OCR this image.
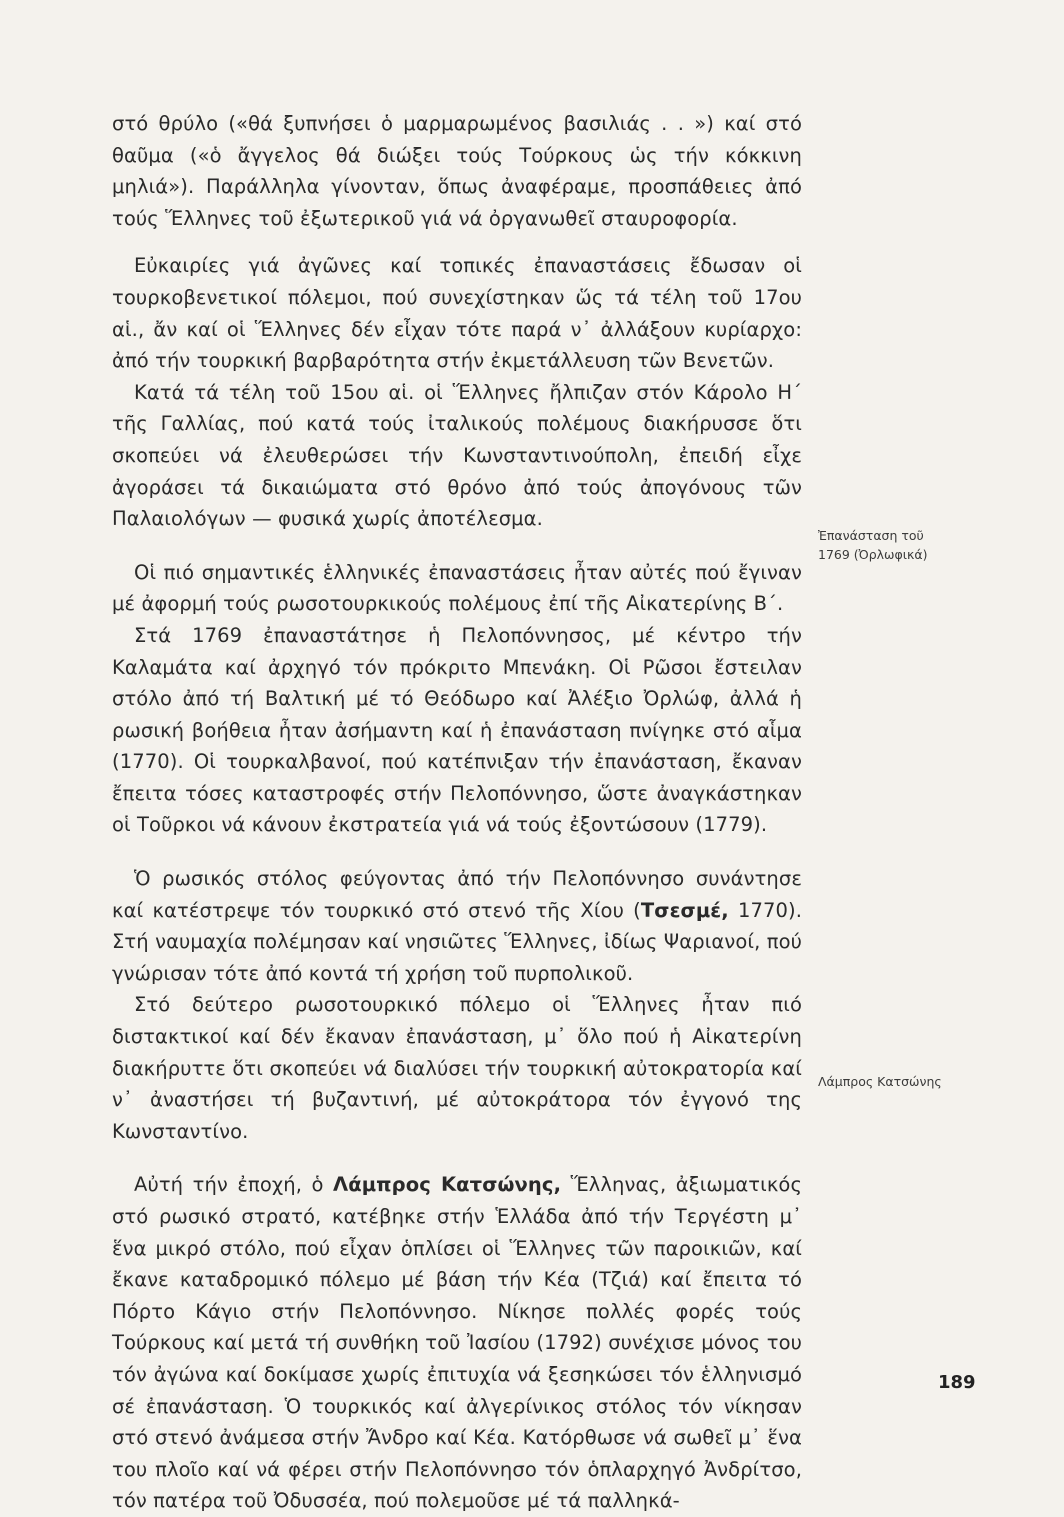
στό θρύλο («θά ξυπνήσει ὁ μαρμαρωμένος βασιλιάς . . ») καί στό θαῦμα («ὁ ἄγγελος θά διώξει τούς Τούρκους ὡς τήν κόκκινη μηλιά»). Παράλληλα γίνονταν, ὅπως ἀναφέραμε, προσπάθειες ἀπό τούς Ἕλληνες τοῦ ἐξωτερικοῦ γιά νά ὀργανωθεῖ σταυροφορία.

Εὐκαιρίες γιά ἀγῶνες καί τοπικές ἐπαναστάσεις ἔδωσαν οἱ τουρκοβενετικοί πόλεμοι, πού συνεχίστηκαν ὥς τά τέλη τοῦ 17ου αἱ., ἄν καί οἱ Ἕλληνες δέν εἶχαν τότε παρά ν᾿ ἀλλάξουν κυρίαρχο: ἀπό τήν τουρκική βαρβαρότητα στήν ἐκμετάλλευση τῶν Βενετῶν.

Κατά τά τέλη τοῦ 15ου αἱ. οἱ Ἕλληνες ἤλπιζαν στόν Κάρολο Η΄ τῆς Γαλλίας, πού κατά τούς ἰταλικούς πολέμους διακήρυσσε ὅτι σκοπεύει νά ἐλευθερώσει τήν Κωνσταντινούπολη, ἐπειδή εἶχε ἀγοράσει τά δικαιώματα στό θρόνο ἀπό τούς ἀπογόνους τῶν Παλαιολόγων — φυσικά χωρίς ἀποτέλεσμα.

Οἱ πιό σημαντικές ἑλληνικές ἐπαναστάσεις ἦταν αὐτές πού ἔγιναν μέ ἀφορμή τούς ρωσοτουρκικούς πολέμους ἐπί τῆς Αἰκατερίνης Β΄.

Στά 1769 ἐπαναστάτησε ἡ Πελοπόννησος, μέ κέντρο τήν Καλαμάτα καί ἀρχηγό τόν πρόκριτο Μπενάκη. Οἱ Ρῶσοι ἔστειλαν στόλο ἀπό τή Βαλτική μέ τό Θεόδωρο καί Ἀλέξιο Ὀρλώφ, ἀλλά ἡ ρωσική βοήθεια ἦταν ἀσήμαντη καί ἡ ἐπανάσταση πνίγηκε στό αἷμα (1770). Οἱ τουρκαλβανοί, πού κατέπνιξαν τήν ἐπανάσταση, ἔκαναν ἔπειτα τόσες καταστροφές στήν Πελοπόννησο, ὥστε ἀναγκάστηκαν οἱ Τοῦρκοι νά κάνουν ἐκστρατεία γιά νά τούς ἐξοντώσουν (1779).

Ὁ ρωσικός στόλος φεύγοντας ἀπό τήν Πελοπόννησο συνάντησε καί κατέστρεψε τόν τουρκικό στό στενό τῆς Χίου (Τσεσμέ, 1770). Στή ναυμαχία πολέμησαν καί νησιῶτες Ἕλληνες, ἰδίως Ψαριανοί, πού γνώρισαν τότε ἀπό κοντά τή χρήση τοῦ πυρπολικοῦ.

Στό δεύτερο ρωσοτουρκικό πόλεμο οἱ Ἕλληνες ἦταν πιό διστακτικοί καί δέν ἔκαναν ἐπανάσταση, μ᾿ ὅλο πού ἡ Αἰκατερίνη διακήρυττε ὅτι σκοπεύει νά διαλύσει τήν τουρκική αὐτοκρατορία καί ν᾿ ἀναστήσει τή βυζαντινή, μέ αὐτοκράτορα τόν ἐγγονό της Κωνσταντίνο.

Αὐτή τήν ἐποχή, ὁ Λάμπρος Κατσώνης, Ἕλληνας, ἀξιωματικός στό ρωσικό στρατό, κατέβηκε στήν Ἑλλάδα ἀπό τήν Τεργέστη μ᾿ ἕνα μικρό στόλο, πού εἶχαν ὁπλίσει οἱ Ἕλληνες τῶν παροικιῶν, καί ἔκανε καταδρομικό πόλεμο μέ βάση τήν Κέα (Τζιά) καί ἔπειτα τό Πόρτο Κάγιο στήν Πελοπόννησο. Νίκησε πολλές φορές τούς Τούρκους καί μετά τή συνθήκη τοῦ Ἰασίου (1792) συνέχισε μόνος του τόν ἀγώνα καί δοκίμασε χωρίς ἐπιτυχία νά ξεσηκώσει τόν ἑλληνισμό σέ ἐπανάσταση. Ὁ τουρκικός καί ἀλγερίνικος στόλος τόν νίκησαν στό στενό ἀνάμεσα στήν Ἄνδρο καί Κέα. Κατόρθωσε νά σωθεῖ μ᾿ ἕνα του πλοῖο καί νά φέρει στήν Πελοπόννησο τόν ὁπλαρχηγό Ἀνδρίτσο, τόν πατέρα τοῦ Ὀδυσσέα, πού πολεμοῦσε μέ τά παλληκά-

Ἐπανάσταση τοῦ
1769 (Ὀρλωφικά)
Λάμπρος Κατσώνης
189
